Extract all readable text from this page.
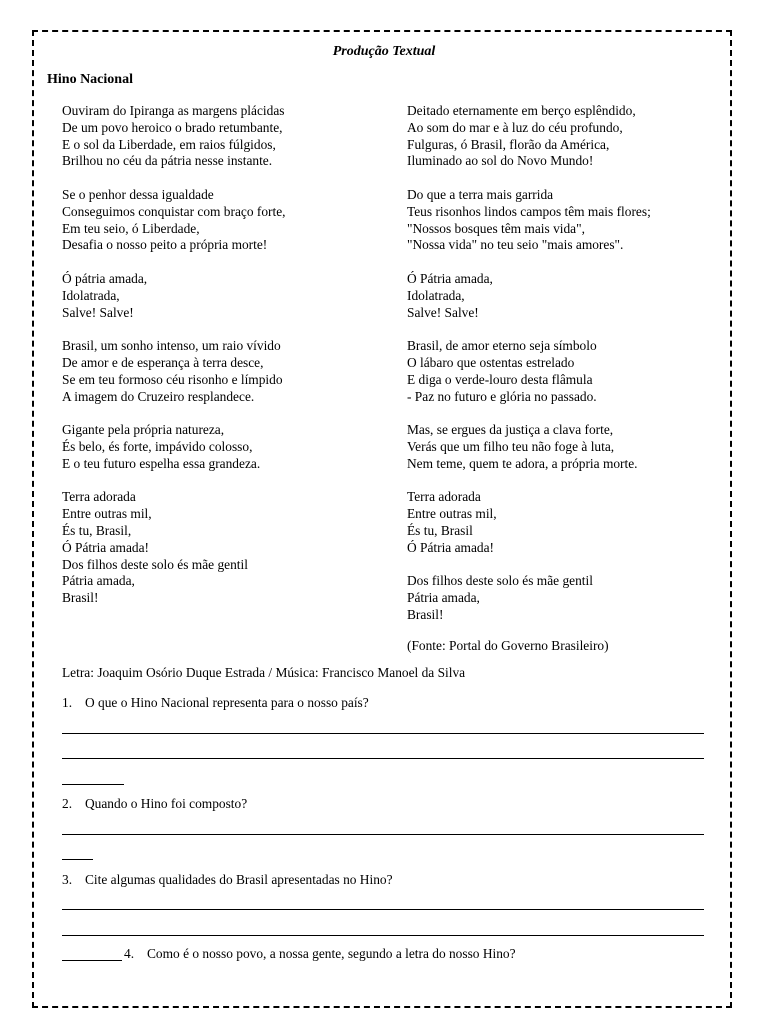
Produção Textual
Hino Nacional
Ouviram do Ipiranga as margens plácidas
De um povo heroico o brado retumbante,
E o sol da Liberdade, em raios fúlgidos,
Brilhou no céu da pátria nesse instante.
Se o penhor dessa igualdade
Conseguimos conquistar com braço forte,
Em teu seio, ó Liberdade,
Desafia o nosso peito a própria morte!
Ó pátria amada,
Idolatrada,
Salve! Salve!
Brasil, um sonho intenso, um raio vívido
De amor e de esperança à terra desce,
Se em teu formoso céu risonho e límpido
A imagem do Cruzeiro resplandece.
Gigante pela própria natureza,
És belo, és forte, impávido colosso,
E o teu futuro espelha essa grandeza.
Terra adorada
Entre outras mil,
És tu, Brasil,
Ó Pátria amada!
Dos filhos deste solo és mãe gentil
Pátria amada,
Brasil!
Deitado eternamente em berço esplêndido,
Ao som do mar e à luz do céu profundo,
Fulguras, ó Brasil, florão da América,
Iluminado ao sol do Novo Mundo!
Do que a terra mais garrida
Teus risonhos lindos campos têm mais flores;
"Nossos bosques têm mais vida",
"Nossa vida" no teu seio "mais amores".
Ó Pátria amada,
Idolatrada,
Salve! Salve!
Brasil, de amor eterno seja símbolo
O lábaro que ostentas estrelado
E diga o verde-louro desta flâmula
- Paz no futuro e glória no passado.
Mas, se ergues da justiça a clava forte,
Verás que um filho teu não foge à luta,
Nem teme, quem te adora, a própria morte.
Terra adorada
Entre outras mil,
És tu, Brasil
Ó Pátria amada!
Dos filhos deste solo és mãe gentil
Pátria amada,
Brasil!
(Fonte: Portal do Governo Brasileiro)
Letra: Joaquim Osório Duque Estrada / Música: Francisco Manoel da Silva
1. O que o Hino Nacional representa para o nosso país?
2. Quando o Hino foi composto?
3. Cite algumas qualidades do Brasil apresentadas no Hino?
4. Como é o nosso povo, a nossa gente, segundo a letra do nosso Hino?
